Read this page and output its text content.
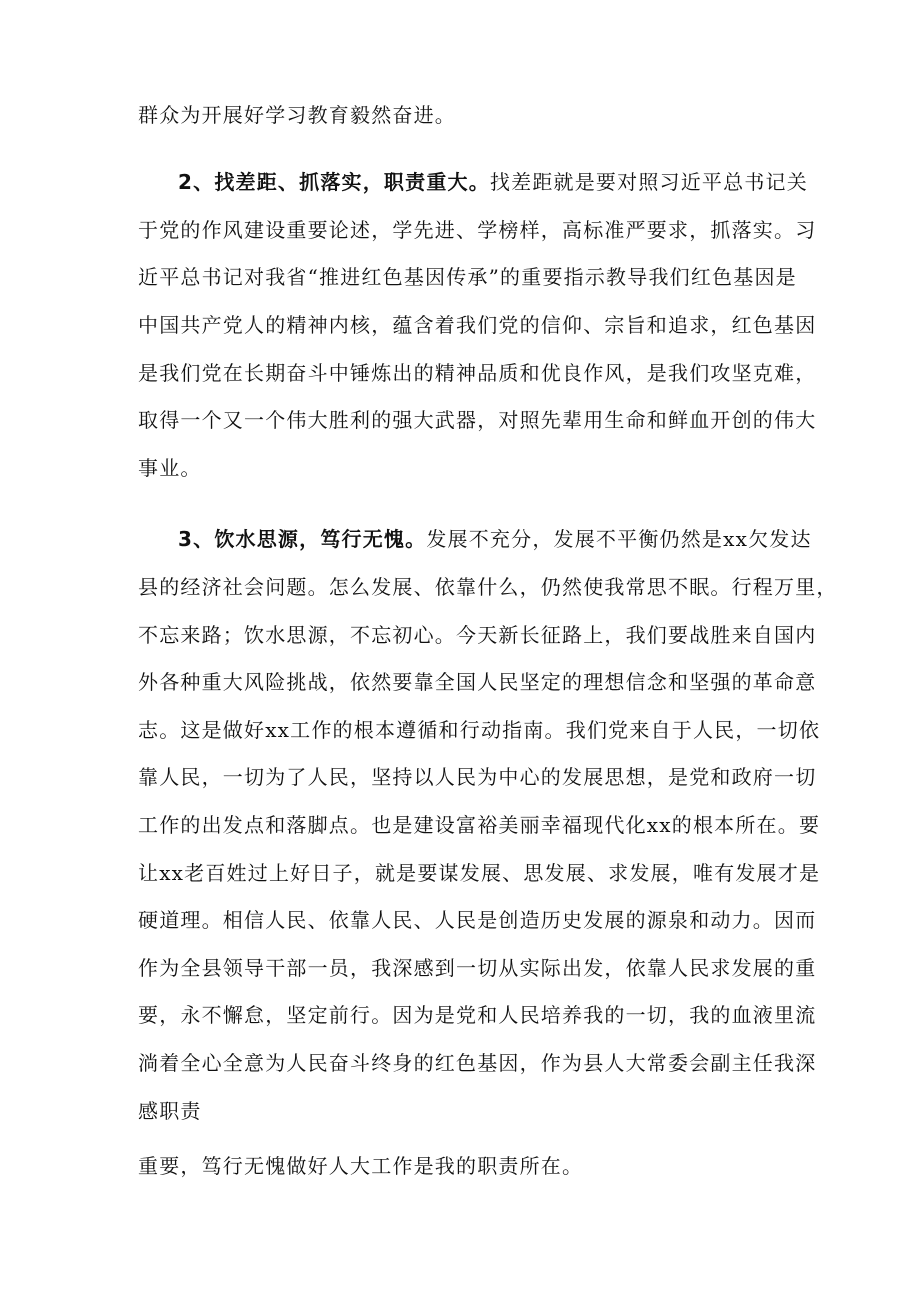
群众为开展好学习教育毅然奋进。
2、找差距、抓落实，职责重大。找差距就是要对照习近平总书记关
于党的作风建设重要论述，学先进、学榜样，高标准严要求，抓落实。习
近平总书记对我省“推进红色基因传承”的重要指示教导我们红色基因是
中国共产党人的精神内核，蕴含着我们党的信仰、宗旨和追求，红色基因
是我们党在长期奋斗中锤炼出的精神品质和优良作风，是我们攻坚克难，
取得一个又一个伟大胜利的强大武器，对照先辈用生命和鲜血开创的伟大
事业。
3、饮水思源，笃行无愧。发展不充分，发展不平衡仍然是xx欠发达
县的经济社会问题。怎么发展、依靠什么，仍然使我常思不眠。行程万里，
不忘来路；饮水思源，不忘初心。今天新长征路上，我们要战胜来自国内
外各种重大风险挑战，依然要靠全国人民坚定的理想信念和坚强的革命意
志。这是做好xx工作的根本遵循和行动指南。我们党来自于人民，一切依
靠人民，一切为了人民，坚持以人民为中心的发展思想，是党和政府一切
工作的出发点和落脚点。也是建设富裕美丽幸福现代化xx的根本所在。要
让xx老百姓过上好日子，就是要谋发展、思发展、求发展，唯有发展才是
硬道理。相信人民、依靠人民、人民是创造历史发展的源泉和动力。因而
作为全县领导干部一员，我深感到一切从实际出发，依靠人民求发展的重
要，永不懈怠，坚定前行。因为是党和人民培养我的一切，我的血液里流
淌着全心全意为人民奋斗终身的红色基因，作为县人大常委会副主任我深
感职责
重要，笃行无愧做好人大工作是我的职责所在。
